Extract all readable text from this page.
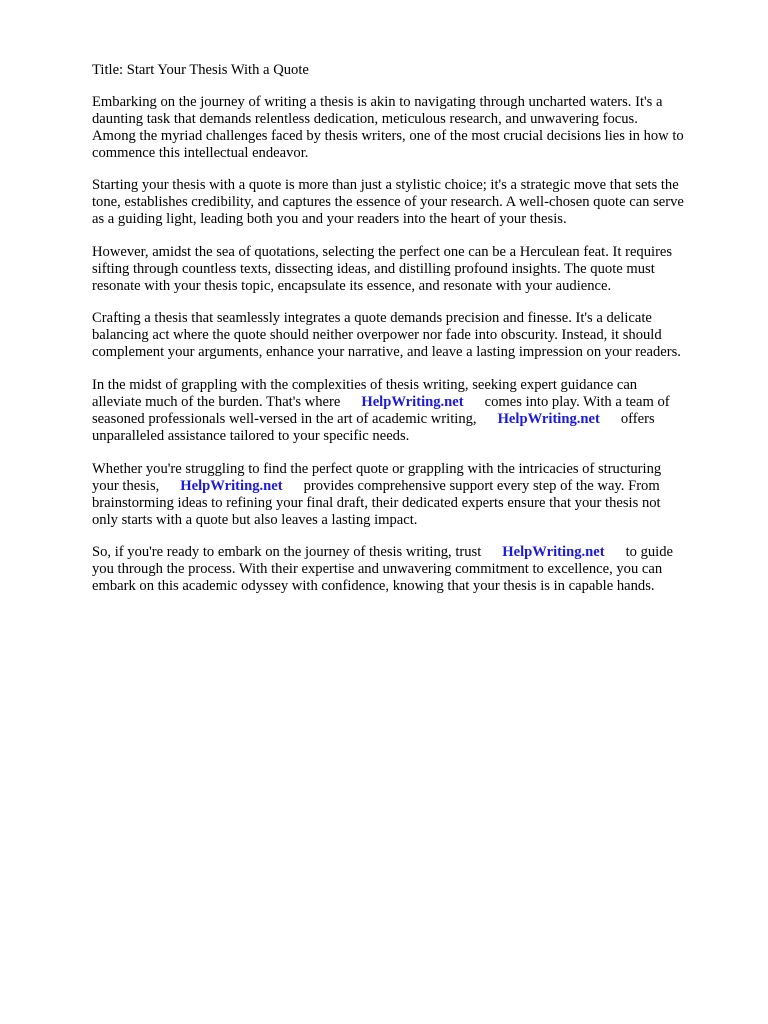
Title: Start Your Thesis With a Quote
Embarking on the journey of writing a thesis is akin to navigating through uncharted waters. It's a
daunting task that demands relentless dedication, meticulous research, and unwavering focus.
Among the myriad challenges faced by thesis writers, one of the most crucial decisions lies in how to
commence this intellectual endeavor.
Starting your thesis with a quote is more than just a stylistic choice; it's a strategic move that sets the
tone, establishes credibility, and captures the essence of your research. A well-chosen quote can serve
as a guiding light, leading both you and your readers into the heart of your thesis.
However, amidst the sea of quotations, selecting the perfect one can be a Herculean feat. It requires
sifting through countless texts, dissecting ideas, and distilling profound insights. The quote must
resonate with your thesis topic, encapsulate its essence, and resonate with your audience.
Crafting a thesis that seamlessly integrates a quote demands precision and finesse. It's a delicate
balancing act where the quote should neither overpower nor fade into obscurity. Instead, it should
complement your arguments, enhance your narrative, and leave a lasting impression on your readers.
In the midst of grappling with the complexities of thesis writing, seeking expert guidance can
alleviate much of the burden. That's where HelpWriting.net comes into play. With a team of
seasoned professionals well-versed in the art of academic writing, HelpWriting.net offers
unparalleled assistance tailored to your specific needs.
Whether you're struggling to find the perfect quote or grappling with the intricacies of structuring
your thesis, HelpWriting.net provides comprehensive support every step of the way. From
brainstorming ideas to refining your final draft, their dedicated experts ensure that your thesis not
only starts with a quote but also leaves a lasting impact.
So, if you're ready to embark on the journey of thesis writing, trust HelpWriting.net to guide
you through the process. With their expertise and unwavering commitment to excellence, you can
embark on this academic odyssey with confidence, knowing that your thesis is in capable hands.
